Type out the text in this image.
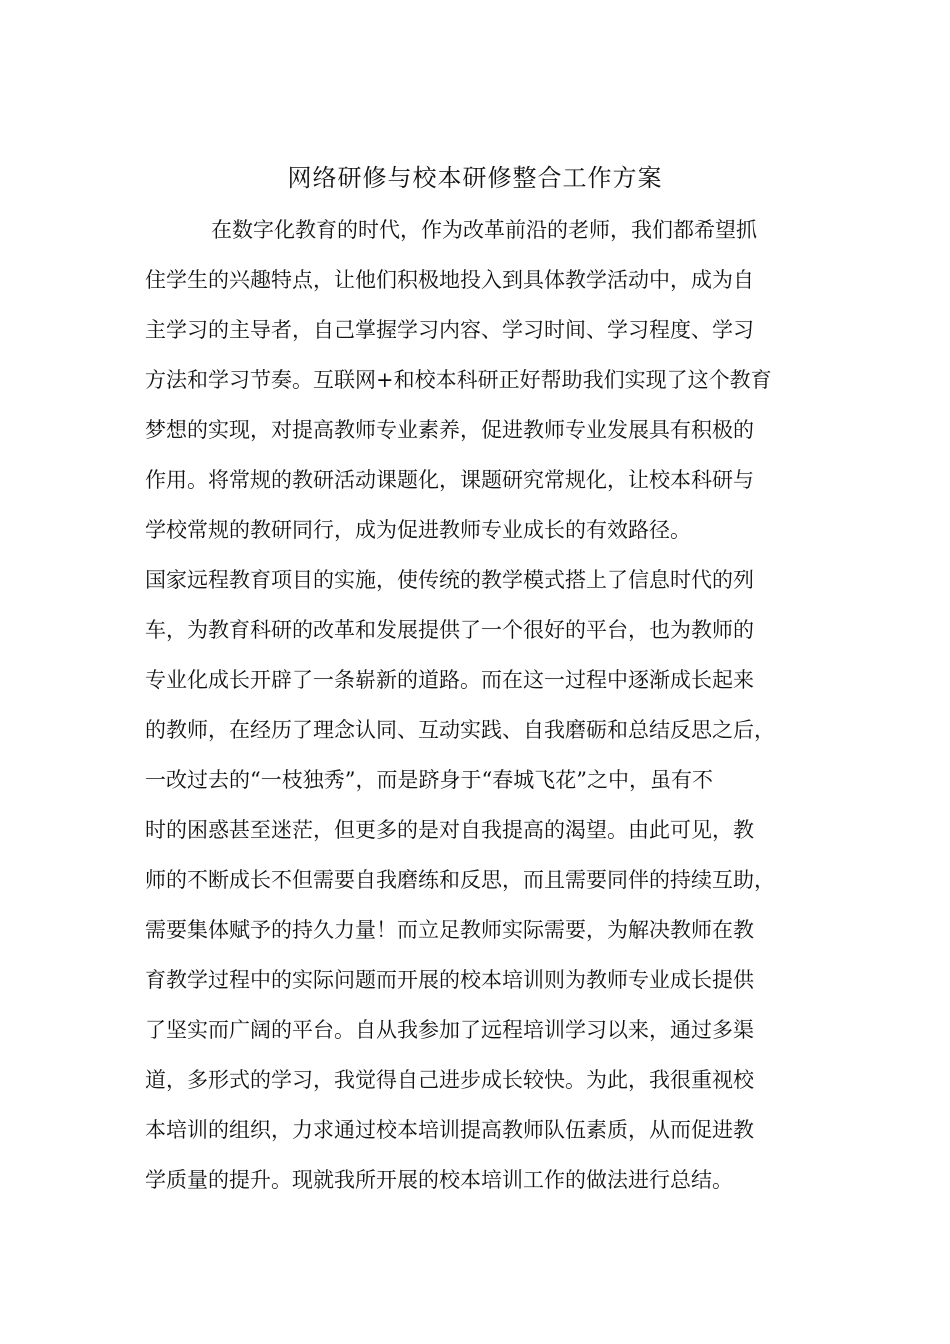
网络研修与校本研修整合工作方案
在数字化教育的时代，作为改革前沿的老师，我们都希望抓
住学生的兴趣特点，让他们积极地投入到具体教学活动中，成为自
主学习的主导者，自己掌握学习内容、学习时间、学习程度、学习
方法和学习节奏。互联网+和校本科研正好帮助我们实现了这个教育
梦想的实现，对提高教师专业素养，促进教师专业发展具有积极的
作用。将常规的教研活动课题化，课题研究常规化，让校本科研与
学校常规的教研同行，成为促进教师专业成长的有效路径。
国家远程教育项目的实施，使传统的教学模式搭上了信息时代的列
车，为教育科研的改革和发展提供了一个很好的平台，也为教师的
专业化成长开辟了一条崭新的道路。而在这一过程中逐渐成长起来
的教师，在经历了理念认同、互动实践、自我磨砺和总结反思之后，
一改过去的“一枝独秀”，而是跻身于“春城飞花”之中，虽有不
时的困惑甚至迷茫，但更多的是对自我提高的渴望。由此可见，教
师的不断成长不但需要自我磨练和反思，而且需要同伴的持续互助，
需要集体赋予的持久力量！而立足教师实际需要，为解决教师在教
育教学过程中的实际问题而开展的校本培训则为教师专业成长提供
了坚实而广阔的平台。自从我参加了远程培训学习以来，通过多渠
道，多形式的学习，我觉得自己进步成长较快。为此，我很重视校
本培训的组织，力求通过校本培训提高教师队伍素质，从而促进教
学质量的提升。现就我所开展的校本培训工作的做法进行总结。
